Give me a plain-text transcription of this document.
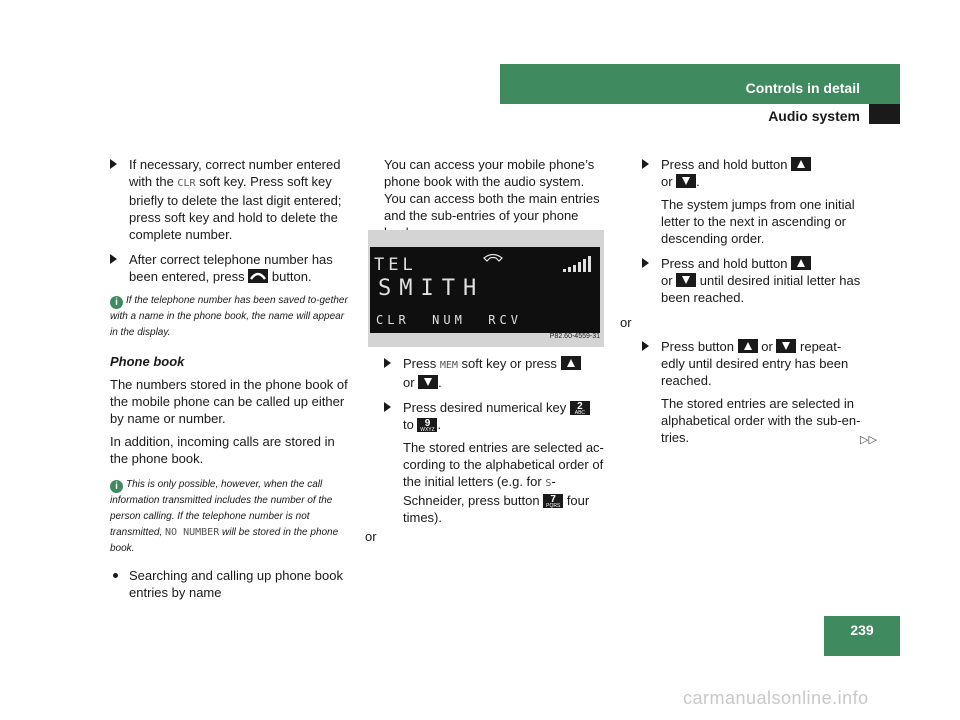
Controls in detail
Audio system
If necessary, correct number entered with the CLR soft key. Press soft key briefly to delete the last digit entered; press soft key and hold to delete the complete number.
After correct telephone number has been entered, press  button.
i If the telephone number has been saved to-gether with a name in the phone book, the name will appear in the display.
Phone book

The numbers stored in the phone book of the mobile phone can be called up either by name or number.

In addition, incoming calls are stored in the phone book.

i This is only possible, however, when the call information transmitted includes the number of the person calling. If the telephone number is not transmitted, NO NUMBER will be stored in the phone book.
Searching and calling up phone book entries by name

You can access your mobile phone’s phone book with the audio system. You can access both the main entries and the sub-entries of your phone

TEL
SMITH
CLR  NUM  RCV
P82.60-4559-31
Press MEM soft key or press
or .
Press desired numerical key 2
ABC

to 9
WXYZ .

The stored entries are selected ac-cording to the alphabetical order of the initial letters (e.g. for S-Schneider, press button 7
PQRS four times).

or
Press and hold button
or .

The system jumps from one initial letter to the next in ascending or descending order.

Press and hold button
or  until desired initial letter has been reached.
or
Press button  or  repeat-edly until desired entry has been reached.

The stored entries are selected in alphabetical order with the sub-en-tries.	▷▷
239
carmanualsonline.info
